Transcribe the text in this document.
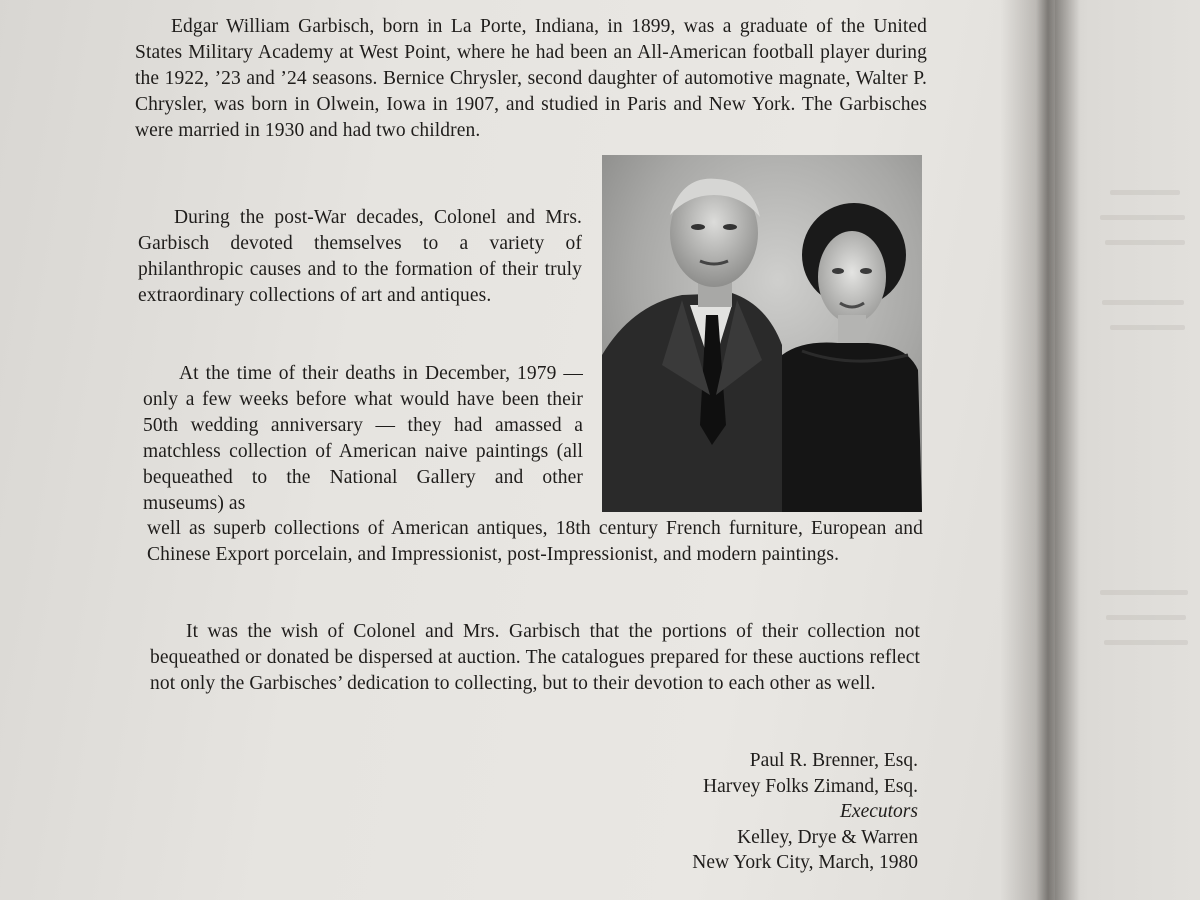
Edgar William Garbisch, born in La Porte, Indiana, in 1899, was a graduate of the United States Military Academy at West Point, where he had been an All-American football player during the 1922, ’23 and ’24 seasons. Bernice Chrysler, second daughter of automotive magnate, Walter P. Chrysler, was born in Olwein, Iowa in 1907, and studied in Paris and New York. The Garbisches were married in 1930 and had two children.

During the post-War decades, Colonel and Mrs. Garbisch devoted themselves to a variety of philanthropic causes and to the formation of their truly extraordinary collections of art and antiques.

At the time of their deaths in December, 1979 — only a few weeks before what would have been their 50th wedding anniversary — they had amassed a matchless collection of American naive paintings (all bequeathed to the National Gallery and other museums) as

well as superb collections of American antiques, 18th century French furniture, European and Chinese Export porcelain, and Impressionist, post-Impressionist, and modern paintings.

It was the wish of Colonel and Mrs. Garbisch that the portions of their collection not bequeathed or donated be dispersed at auction. The catalogues prepared for these auctions reflect not only the Garbisches’ dedication to collecting, but to their devotion to each other as well.

Paul R. Brenner, Esq.
Harvey Folks Zimand, Esq.
Executors
Kelley, Drye & Warren
New York City, March, 1980
